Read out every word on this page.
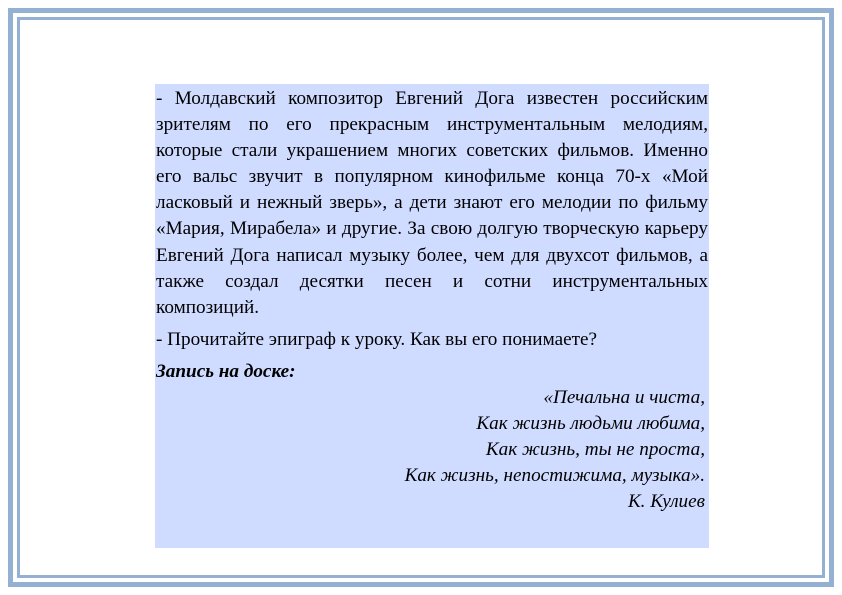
- Молдавский композитор Евгений Дога известен российским зрителям по его прекрасным инструментальным мелодиям, которые стали украшением многих советских фильмов. Именно его вальс звучит в популярном кинофильме конца 70-х «Мой ласковый и нежный зверь», а дети знают его мелодии по фильму «Мария, Мирабела» и другие. За свою долгую творческую карьеру Евгений Дога написал музыку более, чем для двухсот фильмов, а также создал десятки песен и сотни инструментальных композиций.

- Прочитайте эпиграф к уроку. Как вы его понимаете?

Запись на доске:

«Печальна и чиста,
Как жизнь людьми любима,
Как жизнь, ты не проста,
Как жизнь, непостижима, музыка».
К. Кулиев
